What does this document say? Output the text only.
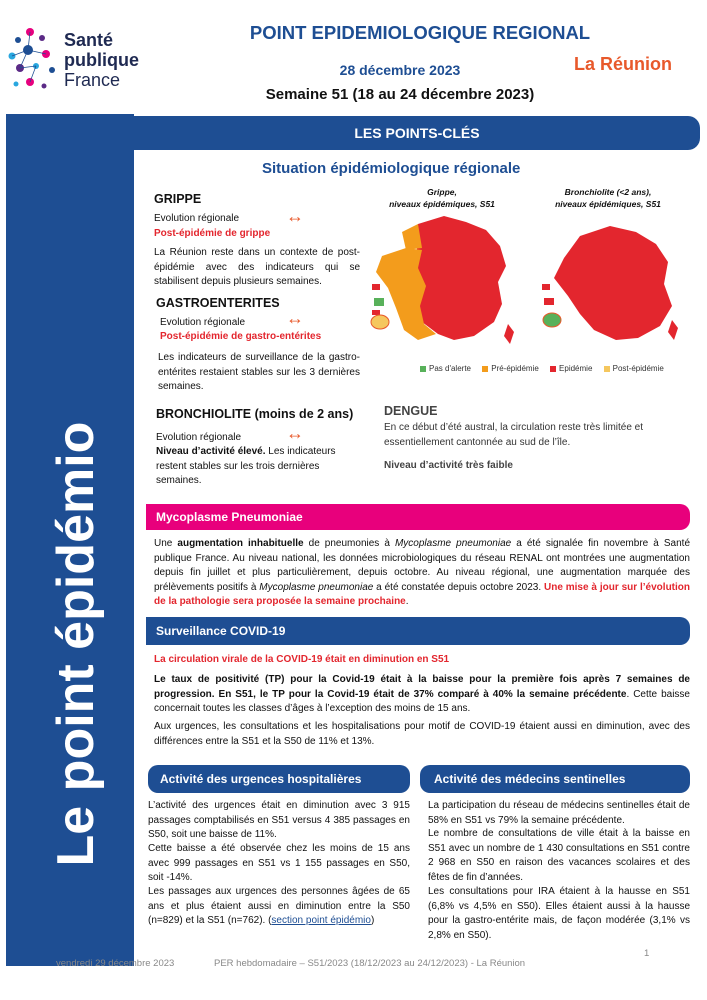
Santé
publique
France
POINT EPIDEMIOLOGIQUE REGIONAL
28 décembre 2023	La Réunion
Semaine 51 (18 au 24 décembre 2023)
Le point épidémio
LES POINTS-CLÉS
Situation épidémiologique régionale
GRIPPE
Evolution régionale	↔
Post-épidémie de grippe
La Réunion reste dans un contexte de post-épidémie avec des indicateurs qui se stabilisent depuis plusieurs semaines.
GASTROENTERITES
Evolution régionale ↔
Post-épidémie de gastro-entérites
Les indicateurs de surveillance de la gastro-entérites restaient stables sur les 3 dernières semaines.
BRONCHIOLITE (moins de 2 ans)
Evolution régionale ↔
Niveau d’activité élevé. Les indicateurs restent stables sur les trois dernières semaines.
Grippe,
niveaux épidémiques, S51
Bronchiolite (<2 ans),
niveaux épidémiques, S51
Pas d'alerte	Pré-épidémie	Epidémie	Post-épidémie
DENGUE
En ce début d’été austral, la circulation reste très limitée et essentiellement cantonnée au sud de l’île.
Niveau d’activité très faible
Mycoplasme Pneumoniae
Une augmentation inhabituelle de pneumonies à Mycoplasme pneumoniae a été signalée fin novembre à Santé publique France. Au niveau national, les données microbiologiques du réseau RENAL ont montrées une augmentation depuis fin juillet et plus particulièrement, depuis octobre. Au niveau régional, une augmentation marquée des prélèvements positifs à Mycoplasme pneumoniae a été constatée depuis octobre 2023. Une mise à jour sur l’évolution de la pathologie sera proposée la semaine prochaine.
Surveillance COVID-19
La circulation virale de la COVID-19 était en diminution en S51
Le taux de positivité (TP) pour la Covid-19 était à la baisse pour la première fois après 7 semaines de progression. En S51, le TP pour la Covid-19 était de 37% comparé à 40% la semaine précédente. Cette baisse concernait toutes les classes d’âges à l’exception des moins de 15 ans.
Aux urgences, les consultations et les hospitalisations pour motif de COVID-19 étaient aussi en diminution, avec des différences entre la S51 et la S50 de 11% et 13%.
Activité des urgences hospitalières
L’activité des urgences était en diminution avec 3 915 passages comptabilisés en S51 versus 4 385 passages en S50, soit une baisse de 11%.
Cette baisse a été observée chez les moins de 15 ans avec 999 passages en S51 vs 1 155 passages en S50, soit -14%.
Les passages aux urgences des personnes âgées de 65 ans et plus étaient aussi en diminution entre la S50 (n=829) et la S51 (n=762). (section point épidémio)
Activité des médecins sentinelles
La participation du réseau de médecins sentinelles était de 58% en S51 vs 79% la semaine précédente.
Le nombre de consultations de ville était à la baisse en S51 avec un nombre de 1 430 consultations en S51 contre 2 968 en S50 en raison des vacances scolaires et des fêtes de fin d’années.
Les consultations pour IRA étaient à la hausse en S51 (6,8% vs 4,5% en S50). Elles étaient aussi à la hausse pour la gastro-entérite mais, de façon modérée (3,1% vs 2,8% en S50).
vendredi 29 décembre 2023	PER hebdomadaire – S51/2023 (18/12/2023 au 24/12/2023) - La Réunion
1
